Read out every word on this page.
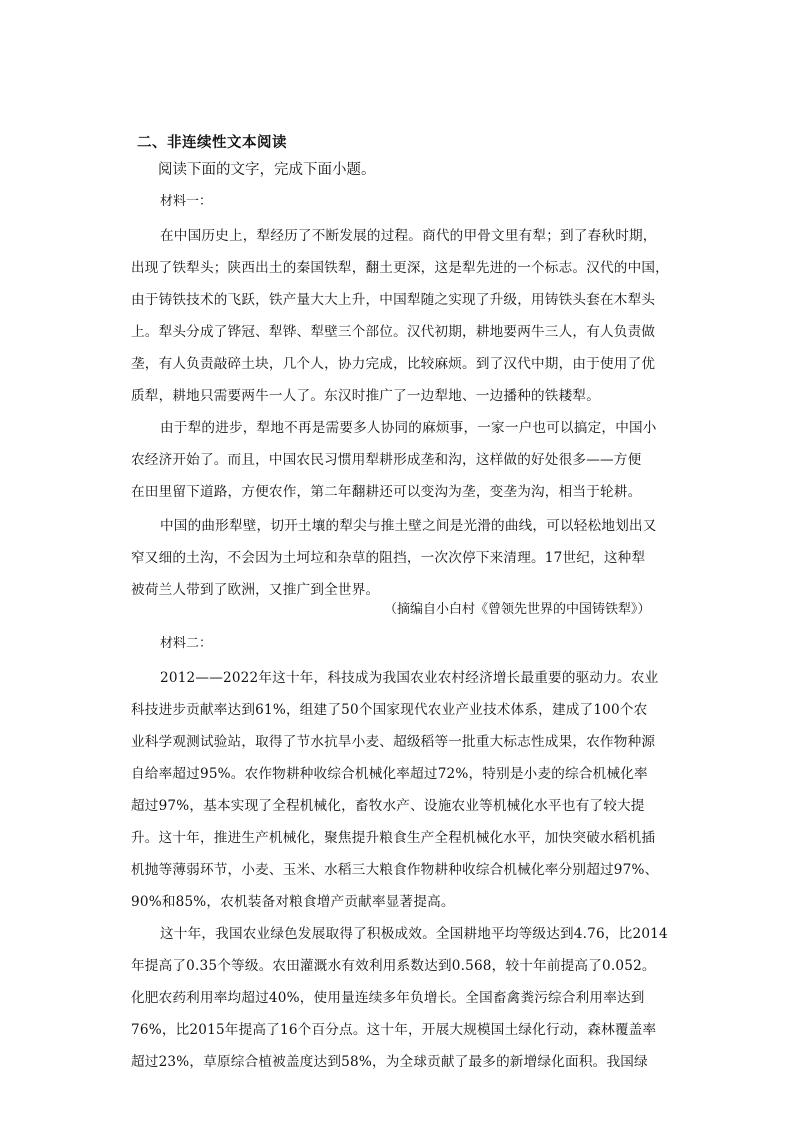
二、非连续性文本阅读
阅读下面的文字，完成下面小题。
材料一：
在中国历史上，犁经历了不断发展的过程。商代的甲骨文里有犁；到了春秋时期，
出现了铁犁头；陕西出土的秦国铁犁，翻土更深，这是犁先进的一个标志。汉代的中国，
由于铸铁技术的飞跃，铁产量大大上升，中国犁随之实现了升级，用铸铁头套在木犁头
上。犁头分成了铧冠、犁铧、犁壁三个部位。汉代初期，耕地要两牛三人，有人负责做
垄，有人负责敲碎土块，几个人，协力完成，比较麻烦。到了汉代中期，由于使用了优
质犁，耕地只需要两牛一人了。东汉时推广了一边犁地、一边播种的铁耧犁。
由于犁的进步，犁地不再是需要多人协同的麻烦事，一家一户也可以搞定，中国小
农经济开始了。而且，中国农民习惯用犁耕形成垄和沟，这样做的好处很多——方便
在田里留下道路，方便农作，第二年翻耕还可以变沟为垄，变垄为沟，相当于轮耕。
中国的曲形犁壁，切开土壤的犁尖与推土壁之间是光滑的曲线，可以轻松地划出又
窄又细的土沟，不会因为土坷垃和杂草的阻挡，一次次停下来清理。17世纪，这种犁
被荷兰人带到了欧洲，又推广到全世界。
（摘编自小白村《曾领先世界的中国铸铁犁》）
材料二：
2012——2022年这十年，科技成为我国农业农村经济增长最重要的驱动力。农业
科技进步贡献率达到61%，组建了50个国家现代农业产业技术体系，建成了100个农
业科学观测试验站，取得了节水抗旱小麦、超级稻等一批重大标志性成果，农作物种源
自给率超过95%。农作物耕种收综合机械化率超过72%，特别是小麦的综合机械化率
超过97%，基本实现了全程机械化，畜牧水产、设施农业等机械化水平也有了较大提
升。这十年，推进生产机械化，聚焦提升粮食生产全程机械化水平，加快突破水稻机插
机抛等薄弱环节，小麦、玉米、水稻三大粮食作物耕种收综合机械化率分别超过97%、
90%和85%，农机装备对粮食增产贡献率显著提高。
这十年，我国农业绿色发展取得了积极成效。全国耕地平均等级达到4.76，比2014
年提高了0.35个等级。农田灌溉水有效利用系数达到0.568，较十年前提高了0.052。
化肥农药利用率均超过40%，使用量连续多年负增长。全国畜禽粪污综合利用率达到
76%，比2015年提高了16个百分点。这十年，开展大规模国土绿化行动，森林覆盖率
超过23%，草原综合植被盖度达到58%，为全球贡献了最多的新增绿化面积。我国绿
